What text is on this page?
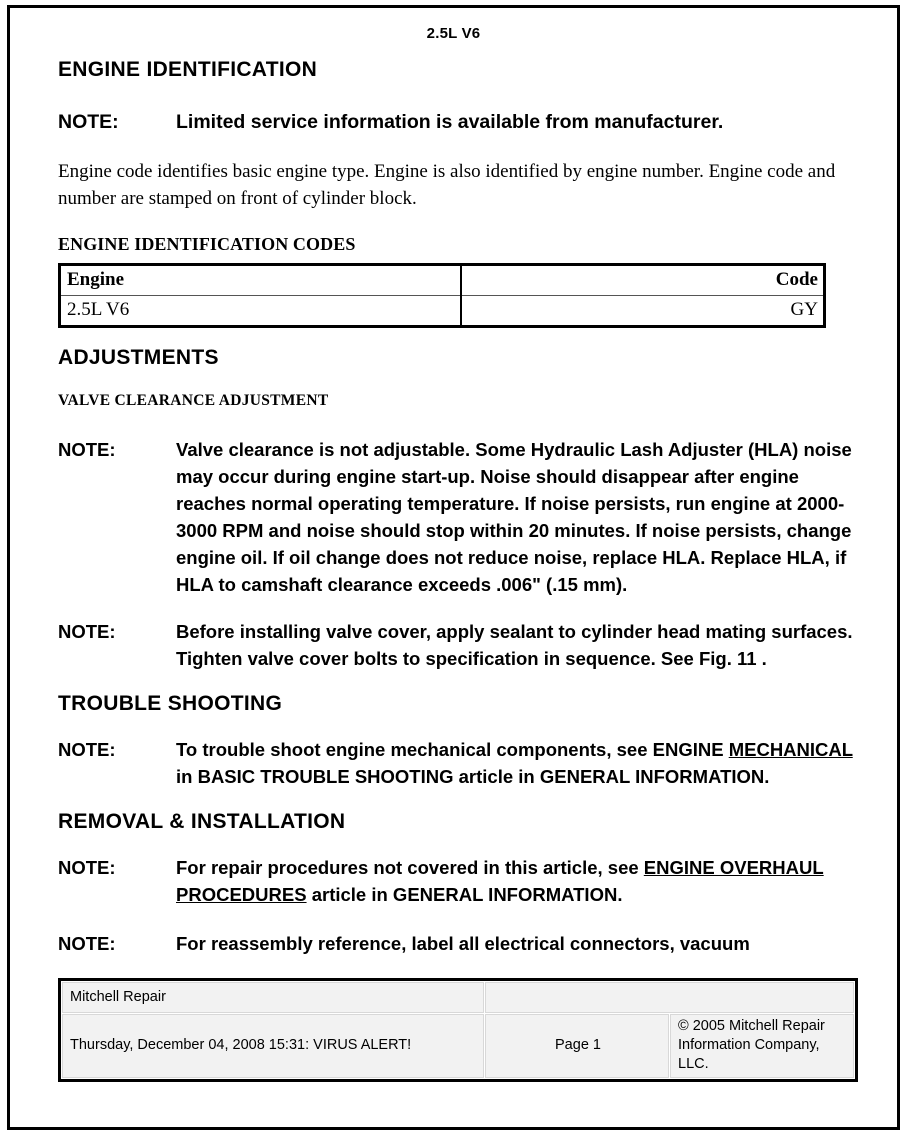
2.5L V6
ENGINE IDENTIFICATION
NOTE:	Limited service information is available from manufacturer.

Engine code identifies basic engine type. Engine is also identified by engine number. Engine code and number are stamped on front of cylinder block.

ENGINE IDENTIFICATION CODES
Engine	Code
2.5L V6	GY
ADJUSTMENTS
VALVE CLEARANCE ADJUSTMENT
NOTE:	Valve clearance is not adjustable. Some Hydraulic Lash Adjuster (HLA) noise may occur during engine start-up. Noise should disappear after engine reaches normal operating temperature. If noise persists, run engine at 2000-3000 RPM and noise should stop within 20 minutes. If noise persists, change engine oil. If oil change does not reduce noise, replace HLA. Replace HLA, if HLA to camshaft clearance exceeds .006" (.15 mm).
NOTE:	Before installing valve cover, apply sealant to cylinder head mating surfaces. Tighten valve cover bolts to specification in sequence. See Fig. 11 .
TROUBLE SHOOTING
NOTE:	To trouble shoot engine mechanical components, see ENGINE MECHANICAL in BASIC TROUBLE SHOOTING article in GENERAL INFORMATION.
REMOVAL & INSTALLATION
NOTE:	For repair procedures not covered in this article, see ENGINE OVERHAUL PROCEDURES article in GENERAL INFORMATION.
NOTE:	For reassembly reference, label all electrical connectors, vacuum
Mitchell Repair		
Thursday, December 04, 2008 15:31: VIRUS ALERT!	Page 1	© 2005 Mitchell Repair Information Company, LLC.
